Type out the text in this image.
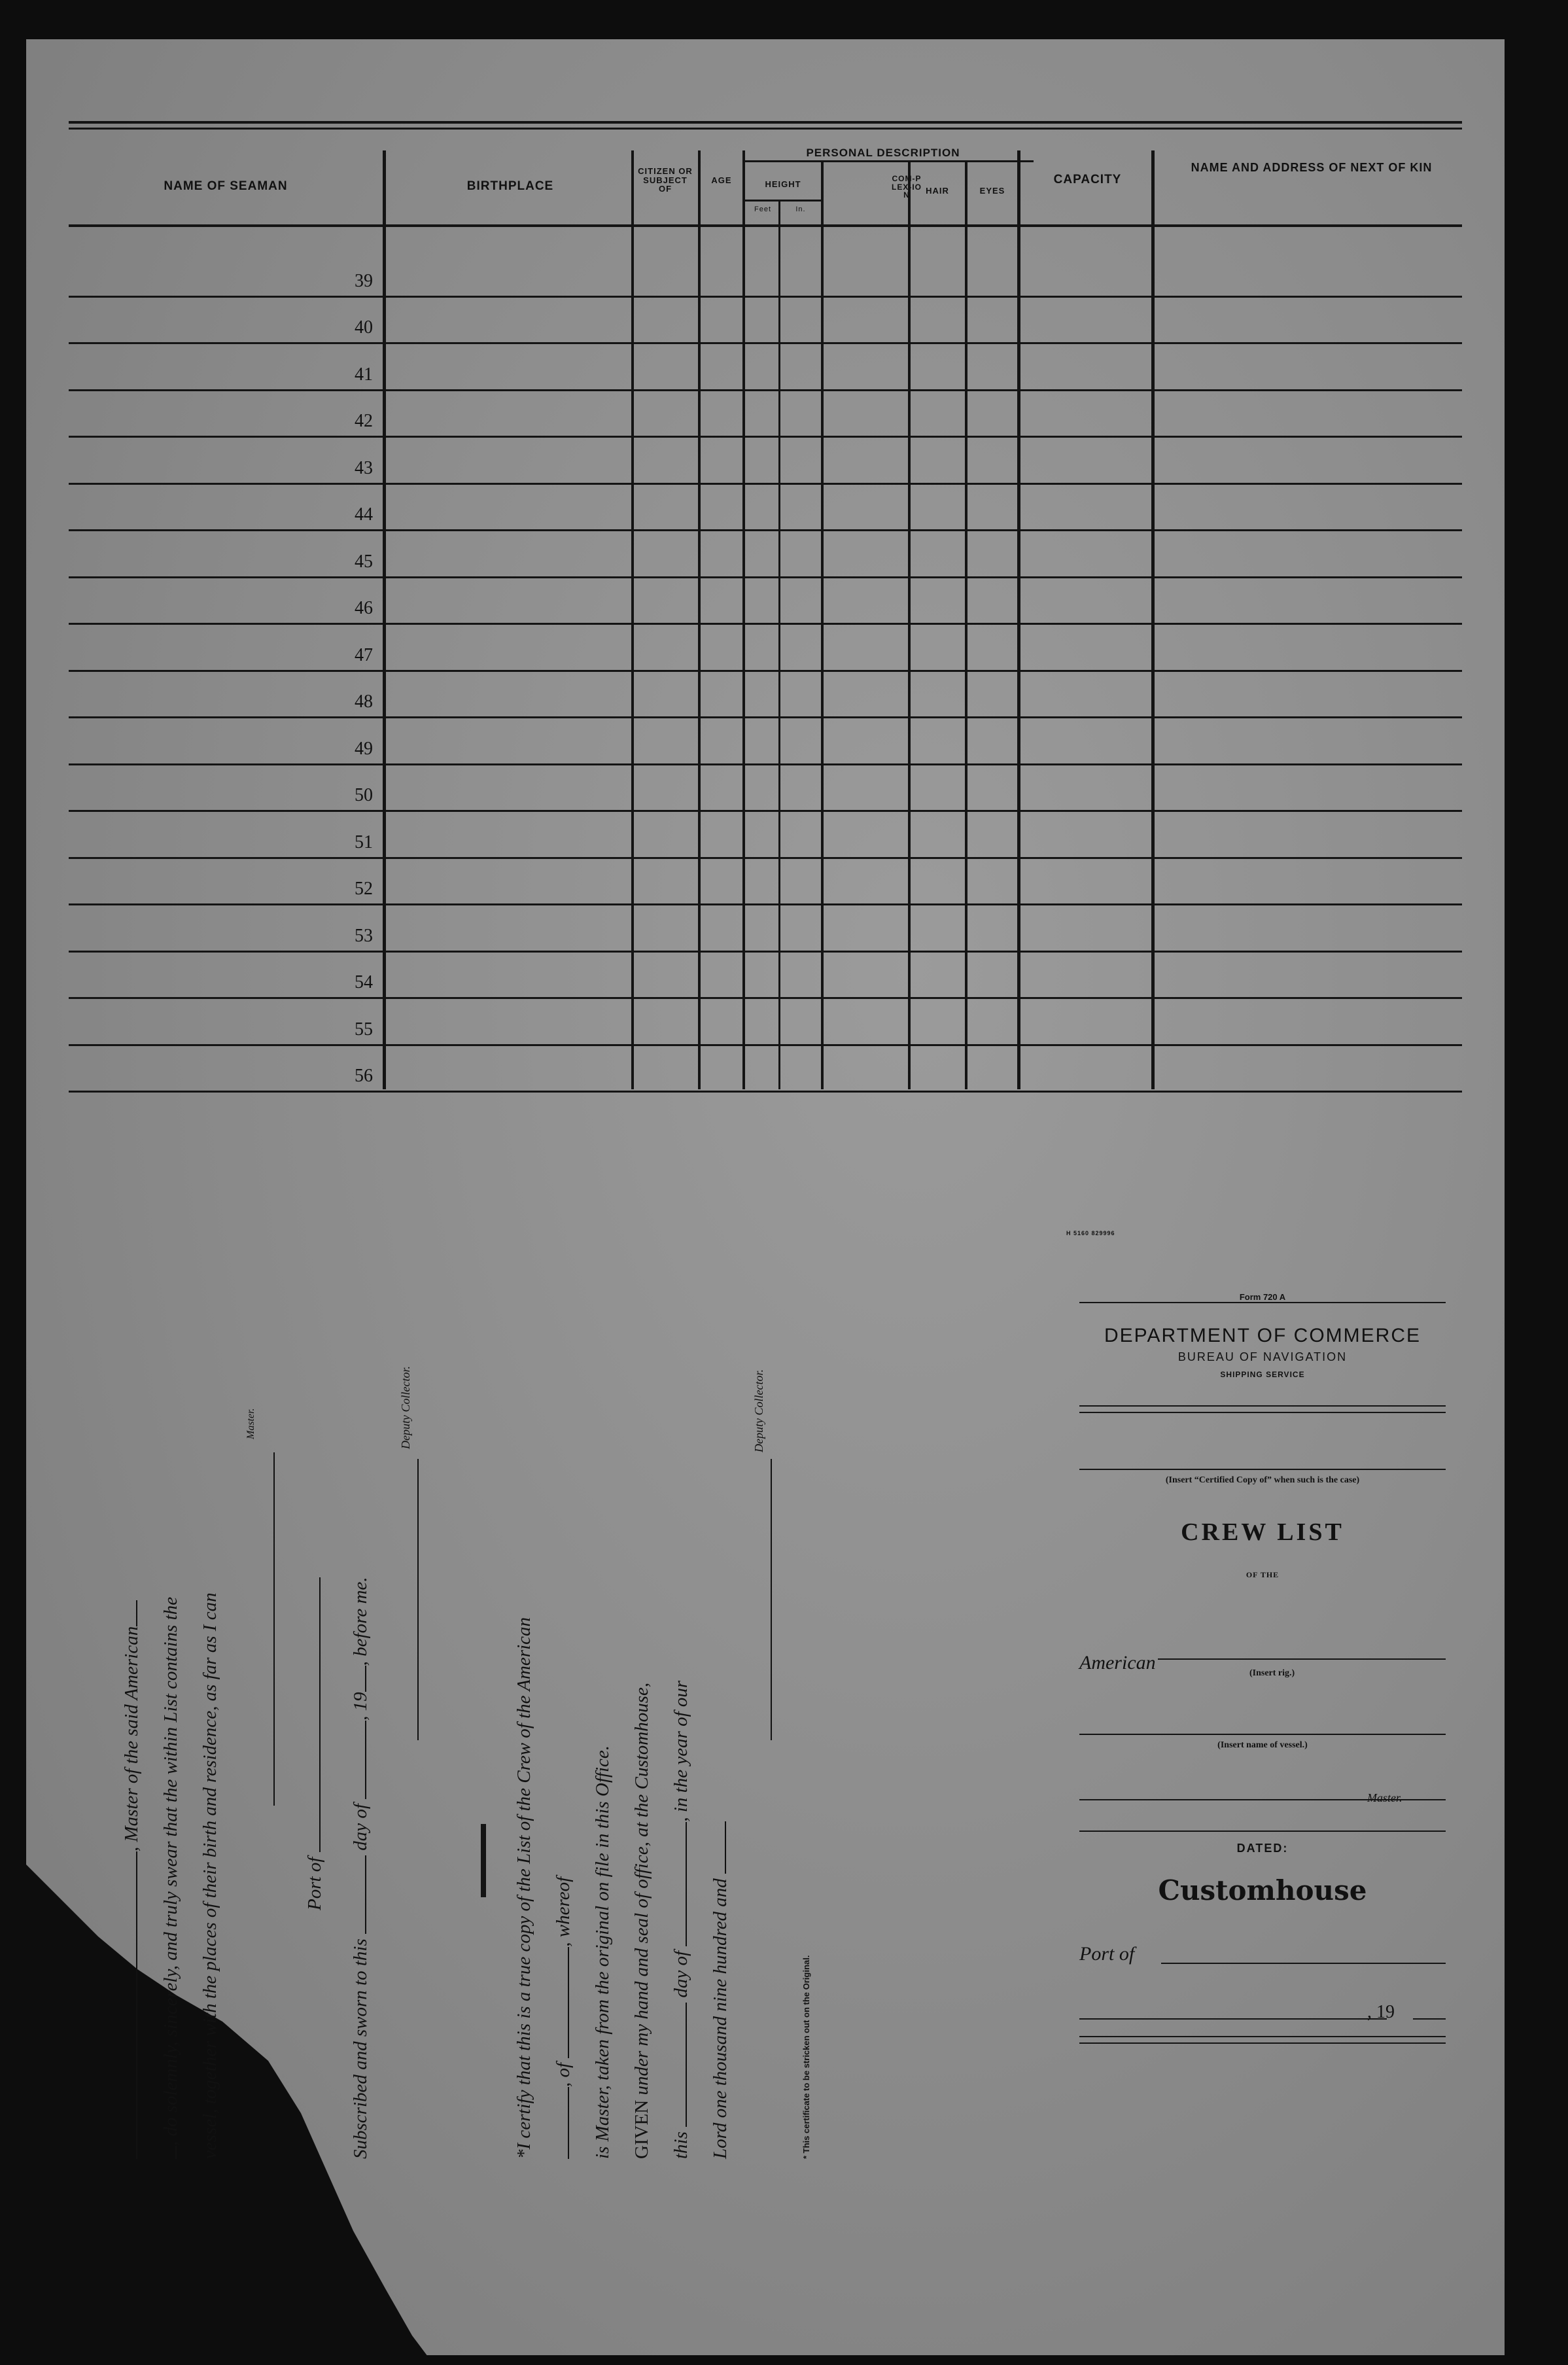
NAME OF SEAMAN	BIRTHPLACE
CITIZEN OR SUBJECT OF
AGE
PERSONAL DESCRIPTION
HEIGHT
Feet	In.
COM-PLEX-ION	HAIR	EYES
CAPACITY
NAME AND ADDRESS OF NEXT OF KIN
39
40
41
42
43
44
45
46
47
48
49
50
51
52
53
54
55
56
, Master of the said American , do solemnly, sincerely, and truly swear that the within List contains the vessel, together with the places of their birth and residence, as far as I can
Master.
Port of
Subscribed and sworn to this  day of , 19, before me.
Deputy Collector.
*I certify that this is a true copy of the List of the Crew of the American , of , whereof is Master, taken from the original on file in this Office. GIVEN under my hand and seal of office, at the Customhouse,
this  day of , in the year of our
Lord one thousand nine hundred and
Deputy Collector.
* This certificate to be stricken out on the Original.
H 5160 829996
Form 720 A
DEPARTMENT OF COMMERCE
BUREAU OF NAVIGATION
SHIPPING SERVICE
(Insert “Certified Copy of” when such is the case)
CREW LIST
OF THE
American	(Insert rig.)
(Insert name of vessel.)
Master.
DATED:
Customhouse
Port of
, 19
